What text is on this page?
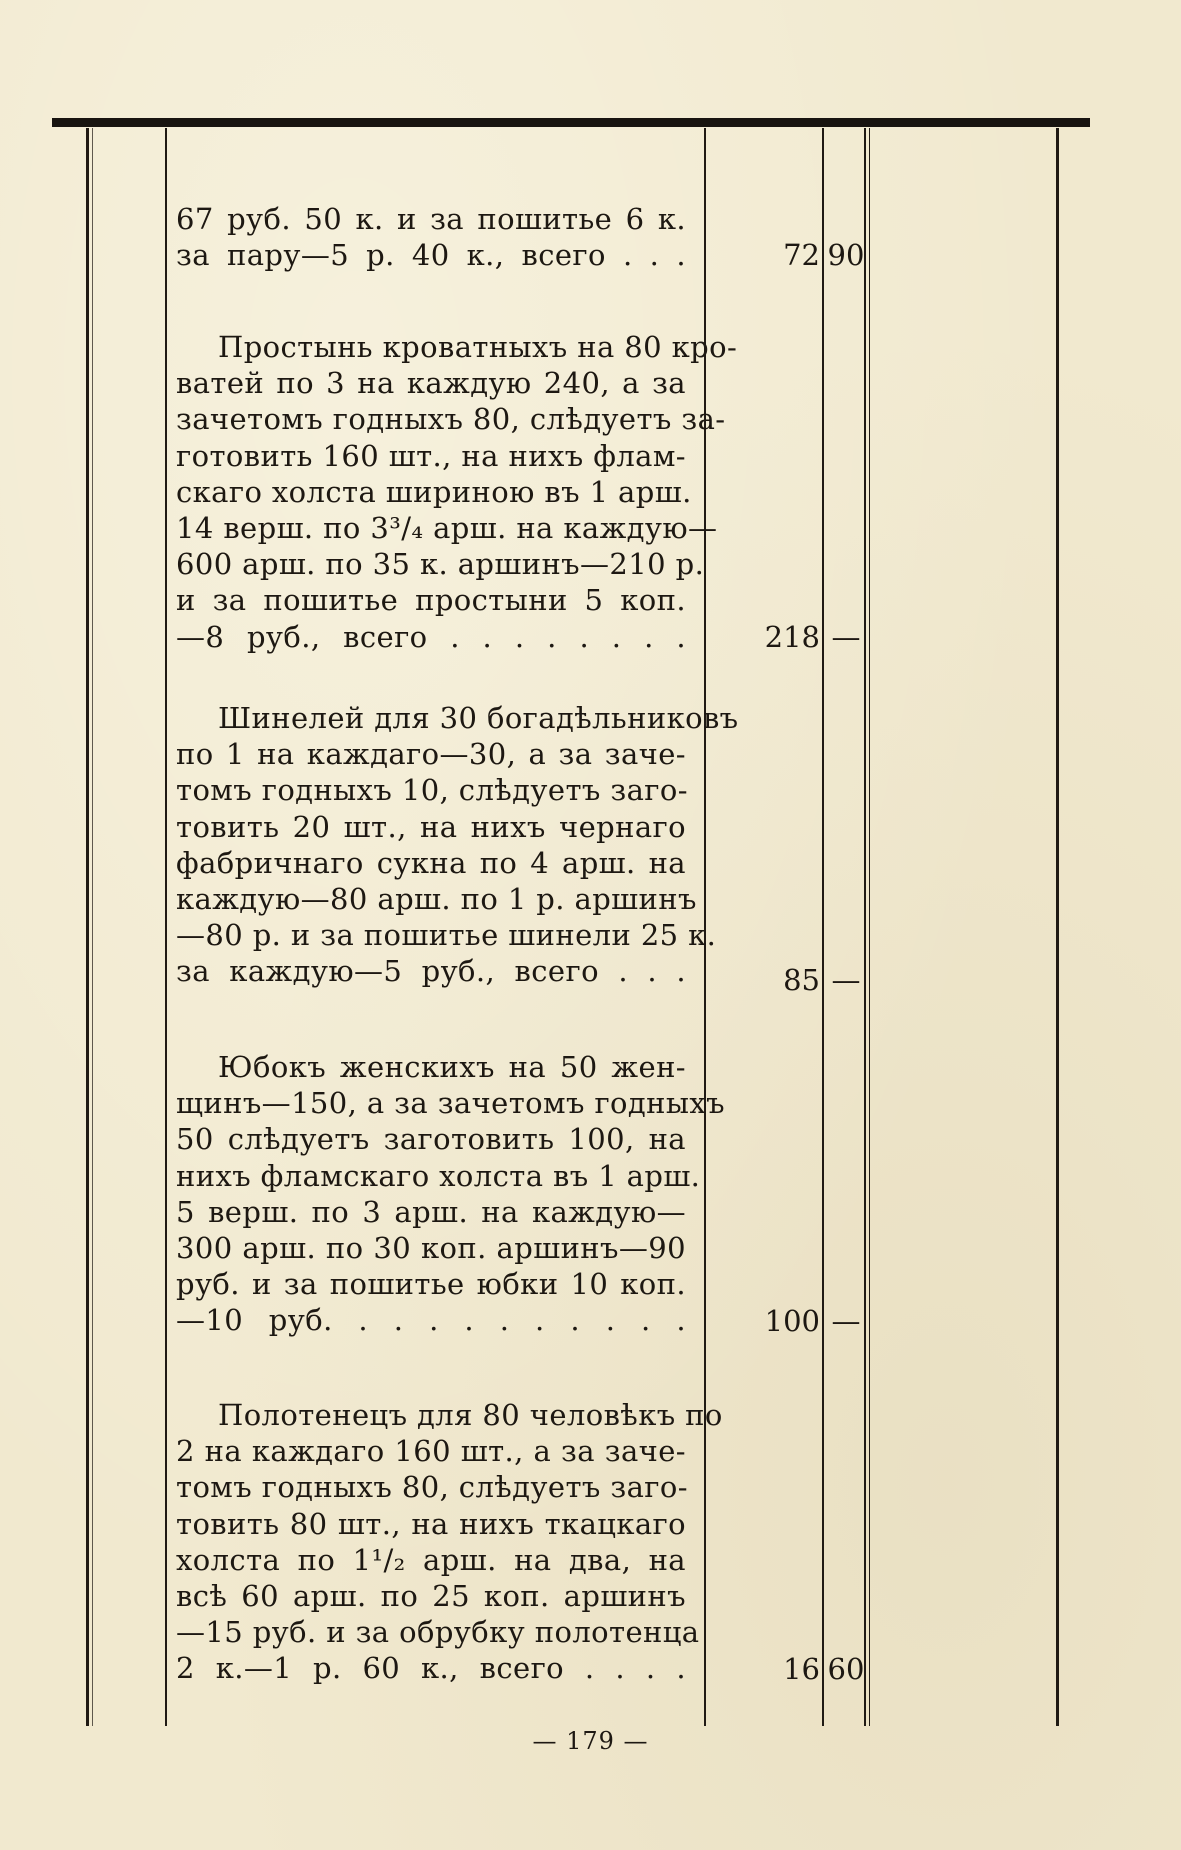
67 руб. 50 к. и за пошитье 6 к.
за пару—5 р. 40 к., всего . . .	72 90
Простынь кроватныхъ на 80 кро-
ватей по 3 на каждую 240, а за
зачетомъ годныхъ 80, слѣдуетъ за-
готовить 160 шт., на нихъ флам-
скаго холста шириною въ 1 арш.
14 верш. по 3³/₄ арш. на каждую—
600 арш. по 35 к. аршинъ—210 р.
и за пошитье простыни 5 коп.
—8 руб., всего . . . . . . . .	218 —
Шинелей для 30 богадѣльниковъ
по 1 на каждаго—30, а за заче-
томъ годныхъ 10, слѣдуетъ заго-
товить 20 шт., на нихъ чернаго
фабричнаго сукна по 4 арш. на
каждую—80 арш. по 1 р. аршинъ
—80 р. и за пошитье шинели 25 к.
за каждую—5 руб., всего . . .	85 —
Юбокъ женскихъ на 50 жен-
щинъ—150, а за зачетомъ годныхъ
50 слѣдуетъ заготовить 100, на
нихъ фламскаго холста въ 1 арш.
5 верш. по 3 арш. на каждую—
300 арш. по 30 коп. аршинъ—90
руб. и за пошитье юбки 10 коп.
—10 руб. . . . . . . . . . .	100 —
Полотенецъ для 80 человѣкъ по
2 на каждаго 160 шт., а за заче-
томъ годныхъ 80, слѣдуетъ заго-
товить 80 шт., на нихъ ткацкаго
холста по 1¹/₂ арш. на два, на
всѣ 60 арш. по 25 коп. аршинъ
—15 руб. и за обрубку полотенца
2 к.—1 р. 60 к., всего . . . .	16 60
— 179 —
